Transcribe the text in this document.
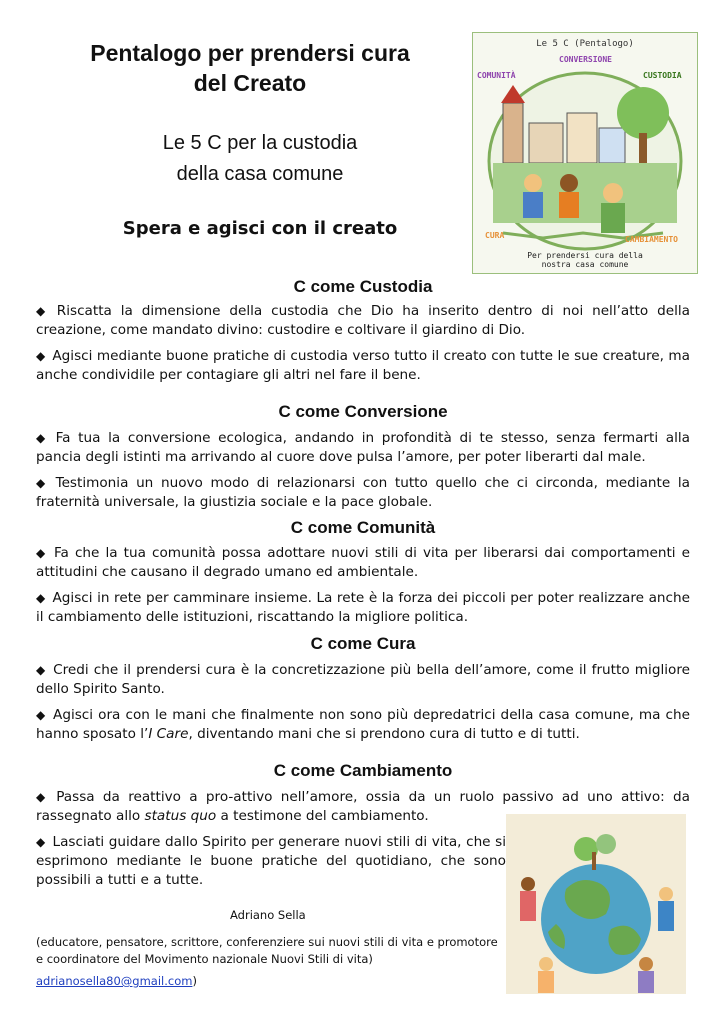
Pentalogo per prendersi cura
del Creato
Le 5 C per la custodia
della casa comune
Spera e agisci con il creato
Le 5 C (Pentalogo)
CONVERSIONE
COMUNITÀ	CUSTODIA
CURA	CAMBIAMENTO
Per prendersi cura della
nostra casa comune
C come Custodia
◆ Riscatta la dimensione della custodia che Dio ha inserito dentro di noi nell’atto della creazione, come mandato divino: custodire e coltivare il giardino di Dio.
◆ Agisci mediante buone pratiche di custodia verso tutto il creato con tutte le sue creature, ma anche condividile per contagiare gli altri nel fare il bene.
C come Conversione
◆ Fa tua la conversione ecologica, andando in profondità di te stesso, senza fermarti alla pancia degli istinti ma arrivando al cuore dove pulsa l’amore, per poter liberarti dal male.
◆ Testimonia un nuovo modo di relazionarsi con tutto quello che ci circonda, mediante la fraternità universale, la giustizia sociale e la pace globale.
C come Comunità
◆ Fa che la tua comunità possa adottare nuovi stili di vita per liberarsi dai comportamenti e attitudini che causano il degrado umano ed ambientale.
◆ Agisci in rete per camminare insieme. La rete è la forza dei piccoli per poter realizzare anche il cambiamento delle istituzioni, riscattando la migliore politica.
C come Cura
◆ Credi che il prendersi cura è la concretizzazione più bella dell’amore, come il frutto migliore dello Spirito Santo.
◆ Agisci ora con le mani che finalmente non sono più depredatrici della casa comune, ma che hanno sposato l’I Care, diventando mani che si prendono cura di tutto e di tutti.
C come Cambiamento
◆ Passa da reattivo a pro-attivo nell’amore, ossia da un ruolo passivo ad uno attivo: da rassegnato allo status quo a testimone del cambiamento.
◆ Lasciati guidare dallo Spirito per generare nuovi stili di vita, che si esprimono mediante le buone pratiche del quotidiano, che sono possibili a tutti e a tutte.
Adriano Sella
(educatore, pensatore, scrittore, conferenziere sui nuovi stili di vita e promotore e coordinatore del Movimento nazionale Nuovi Stili di vita)
adrianosella80@gmail.com)
